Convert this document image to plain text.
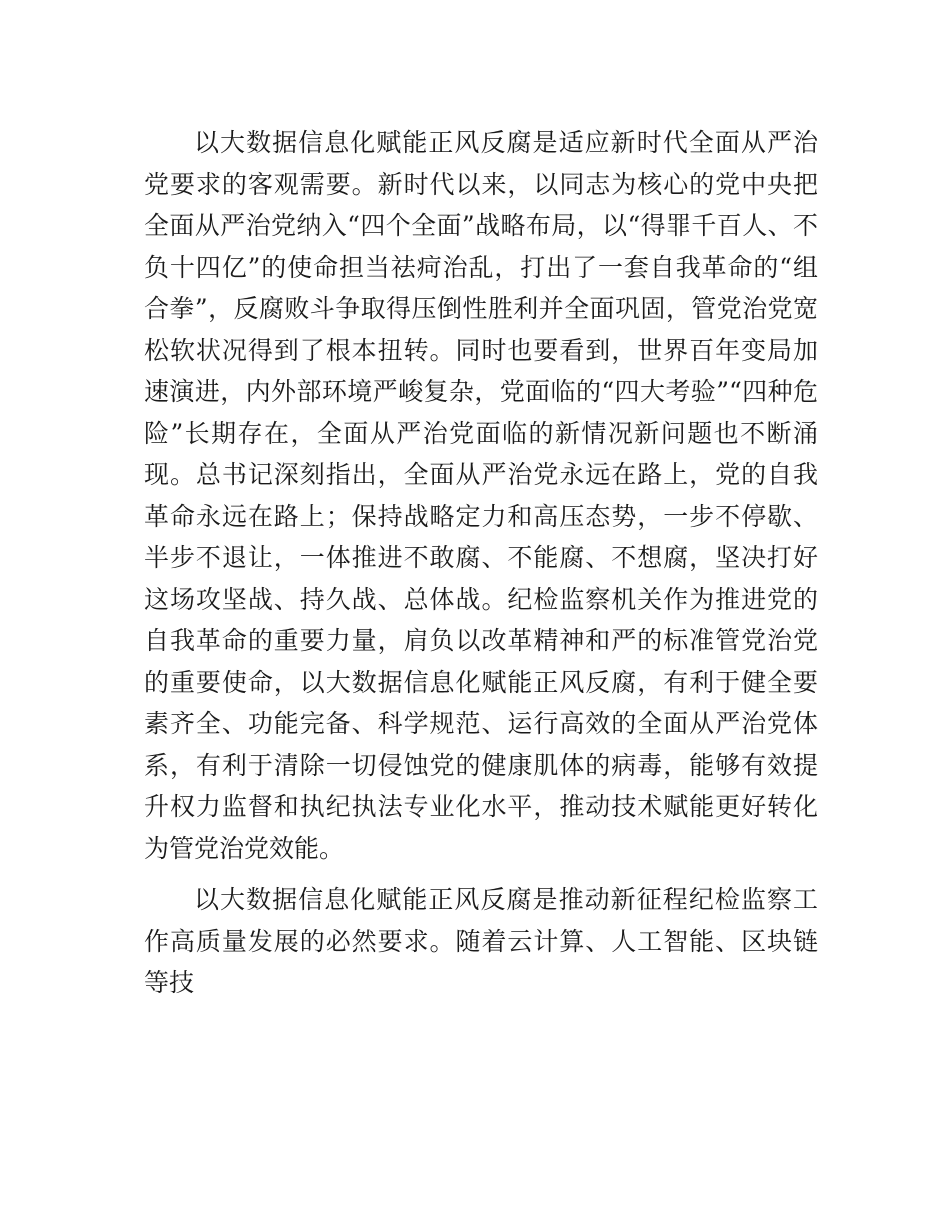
以大数据信息化赋能正风反腐是适应新时代全面从严治党要求的客观需要。新时代以来，以同志为核心的党中央把全面从严治党纳入“四个全面”战略布局，以“得罪千百人、不负十四亿”的使命担当祛疴治乱，打出了一套自我革命的“组合拳”，反腐败斗争取得压倒性胜利并全面巩固，管党治党宽松软状况得到了根本扭转。同时也要看到，世界百年变局加速演进，内外部环境严峻复杂，党面临的“四大考验”“四种危险”长期存在，全面从严治党面临的新情况新问题也不断涌现。总书记深刻指出，全面从严治党永远在路上，党的自我革命永远在路上；保持战略定力和高压态势，一步不停歇、半步不退让，一体推进不敢腐、不能腐、不想腐，坚决打好这场攻坚战、持久战、总体战。纪检监察机关作为推进党的自我革命的重要力量，肩负以改革精神和严的标准管党治党的重要使命，以大数据信息化赋能正风反腐，有利于健全要素齐全、功能完备、科学规范、运行高效的全面从严治党体系，有利于清除一切侵蚀党的健康肌体的病毒，能够有效提升权力监督和执纪执法专业化水平，推动技术赋能更好转化为管党治党效能。

以大数据信息化赋能正风反腐是推动新征程纪检监察工作高质量发展的必然要求。随着云计算、人工智能、区块链等技
